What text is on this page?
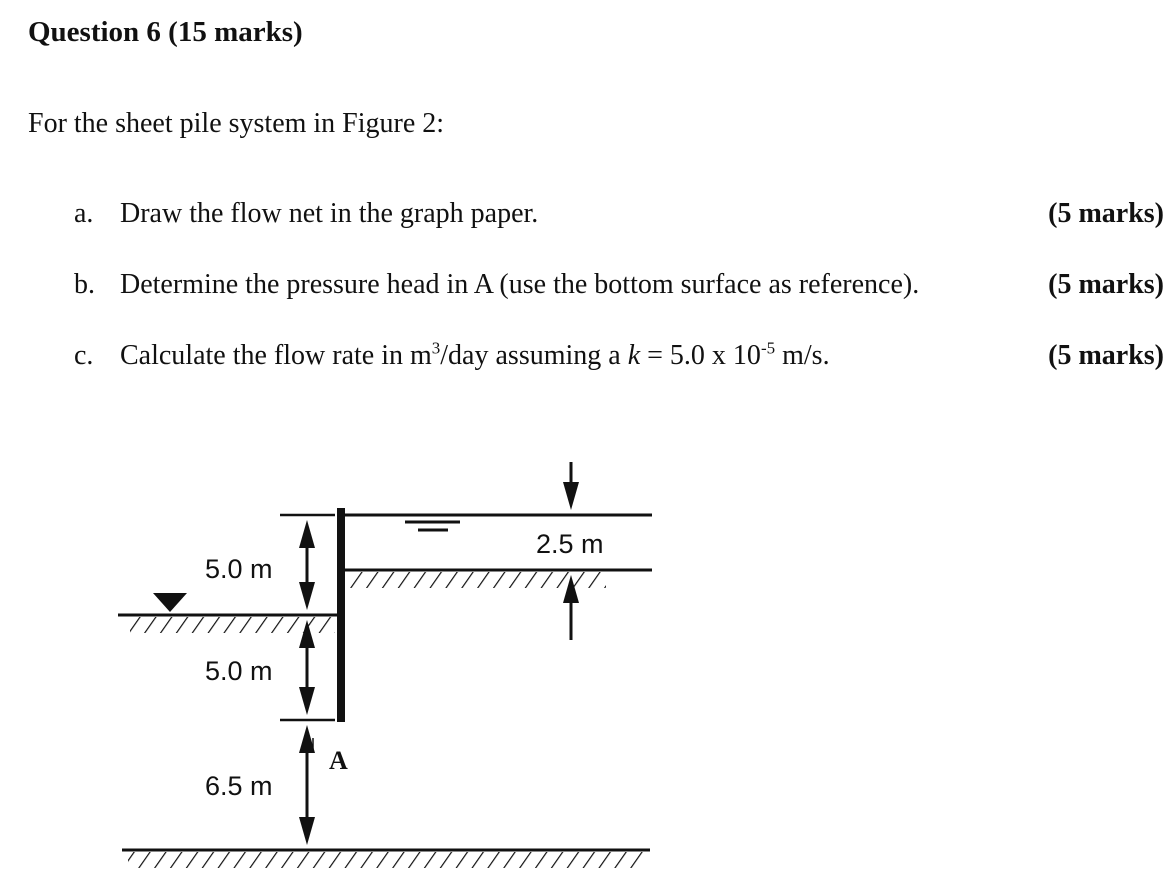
Question 6 (15 marks)
For the sheet pile system in Figure 2:
a. Draw the flow net in the graph paper.	(5 marks)
b. Determine the pressure head in A (use the bottom surface as reference).	(5 marks)
c. Calculate the flow rate in $m^3$/day assuming a k = 5.0 x $10^{-5}$ m/s.	(5 marks)
5.0 m
5.0 m
6.5 m
2.5 m
A
